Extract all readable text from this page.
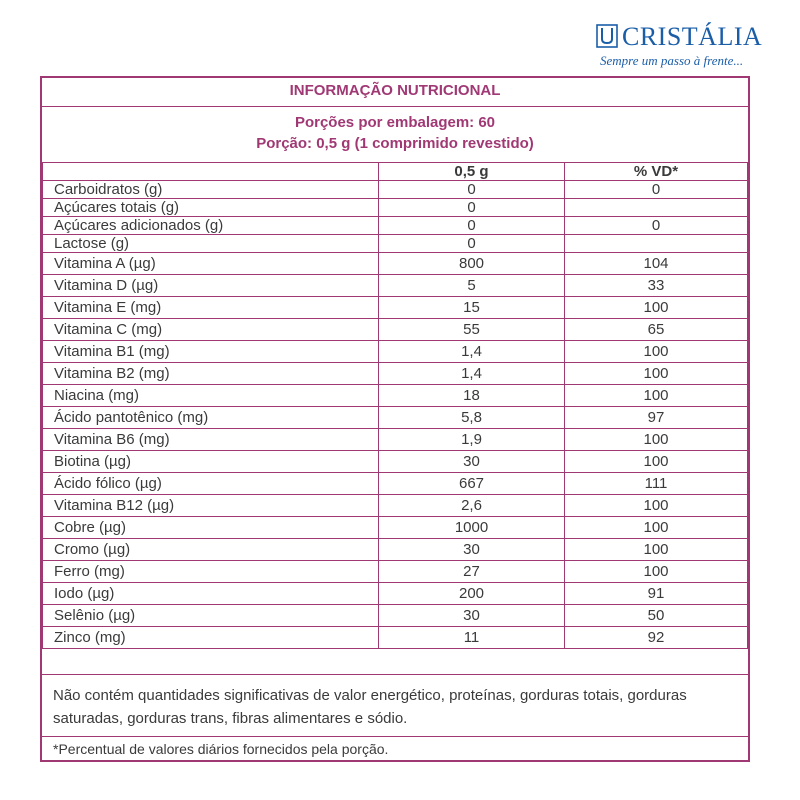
CRISTÁLIA
Sempre um passo à frente...
INFORMAÇÃO NUTRICIONAL
Porções por embalagem: 60
Porção: 0,5 g (1 comprimido revestido)
	0,5 g	% VD*
Carboidratos (g)	0	0
Açúcares totais (g)	0	
Açúcares adicionados (g)	0	0
Lactose (g)	0	
Vitamina A (µg)	800	104
Vitamina D (µg)	5	33
Vitamina E (mg)	15	100
Vitamina C (mg)	55	65
Vitamina B1 (mg)	1,4	100
Vitamina B2 (mg)	1,4	100
Niacina (mg)	18	100
Ácido pantotênico (mg)	5,8	97
Vitamina B6 (mg)	1,9	100
Biotina (µg)	30	100
Ácido fólico (µg)	667	111
Vitamina B12 (µg)	2,6	100
Cobre (µg)	1000	100
Cromo (µg)	30	100
Ferro (mg)	27	100
Iodo (µg)	200	91
Selênio (µg)	30	50
Zinco (mg)	11	92
Não contém quantidades significativas de valor energético, proteínas, gorduras totais, gorduras saturadas, gorduras trans, fibras alimentares e sódio.
*Percentual de valores diários fornecidos pela porção.
